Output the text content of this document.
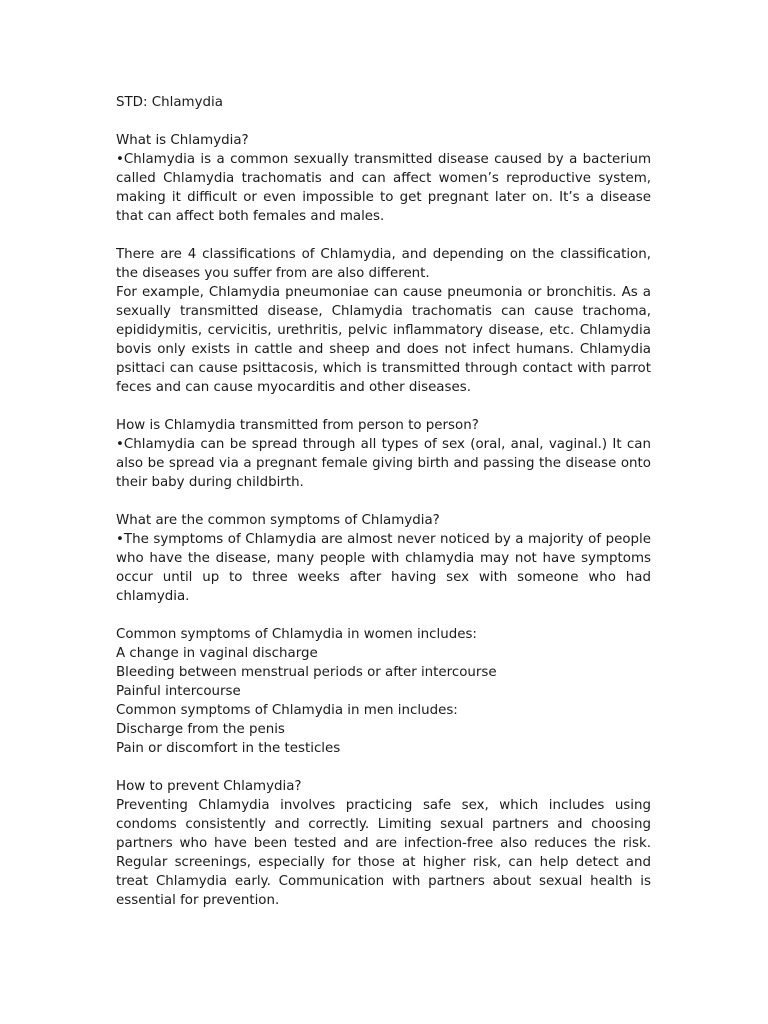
STD: Chlamydia

What is Chlamydia?

•Chlamydia is a common sexually transmitted disease caused by a bacterium called Chlamydia trachomatis and can affect women’s reproductive system, making it difficult or even impossible to get pregnant later on. It’s a disease that can affect both females and males.

There are 4 classifications of Chlamydia, and depending on the classification, the diseases you suffer from are also different.

For example, Chlamydia pneumoniae can cause pneumonia or bronchitis. As a sexually transmitted disease, Chlamydia trachomatis can cause trachoma, epididymitis, cervicitis, urethritis, pelvic inflammatory disease, etc. Chlamydia bovis only exists in cattle and sheep and does not infect humans. Chlamydia psittaci can cause psittacosis, which is transmitted through contact with parrot feces and can cause myocarditis and other diseases.

How is Chlamydia transmitted from person to person?

•Chlamydia can be spread through all types of sex (oral, anal, vaginal.) It can also be spread via a pregnant female giving birth and passing the disease onto their baby during childbirth.

What are the common symptoms of Chlamydia?

•The symptoms of Chlamydia are almost never noticed by a majority of people who have the disease, many people with chlamydia may not have symptoms occur until up to three weeks after having sex with someone who had chlamydia.

Common symptoms of Chlamydia in women includes:

A change in vaginal discharge

Bleeding between menstrual periods or after intercourse

Painful intercourse

Common symptoms of Chlamydia in men includes:

Discharge from the penis

Pain or discomfort in the testicles

How to prevent Chlamydia?

Preventing Chlamydia involves practicing safe sex, which includes using condoms consistently and correctly. Limiting sexual partners and choosing partners who have been tested and are infection-free also reduces the risk. Regular screenings, especially for those at higher risk, can help detect and treat Chlamydia early. Communication with partners about sexual health is essential for prevention.
